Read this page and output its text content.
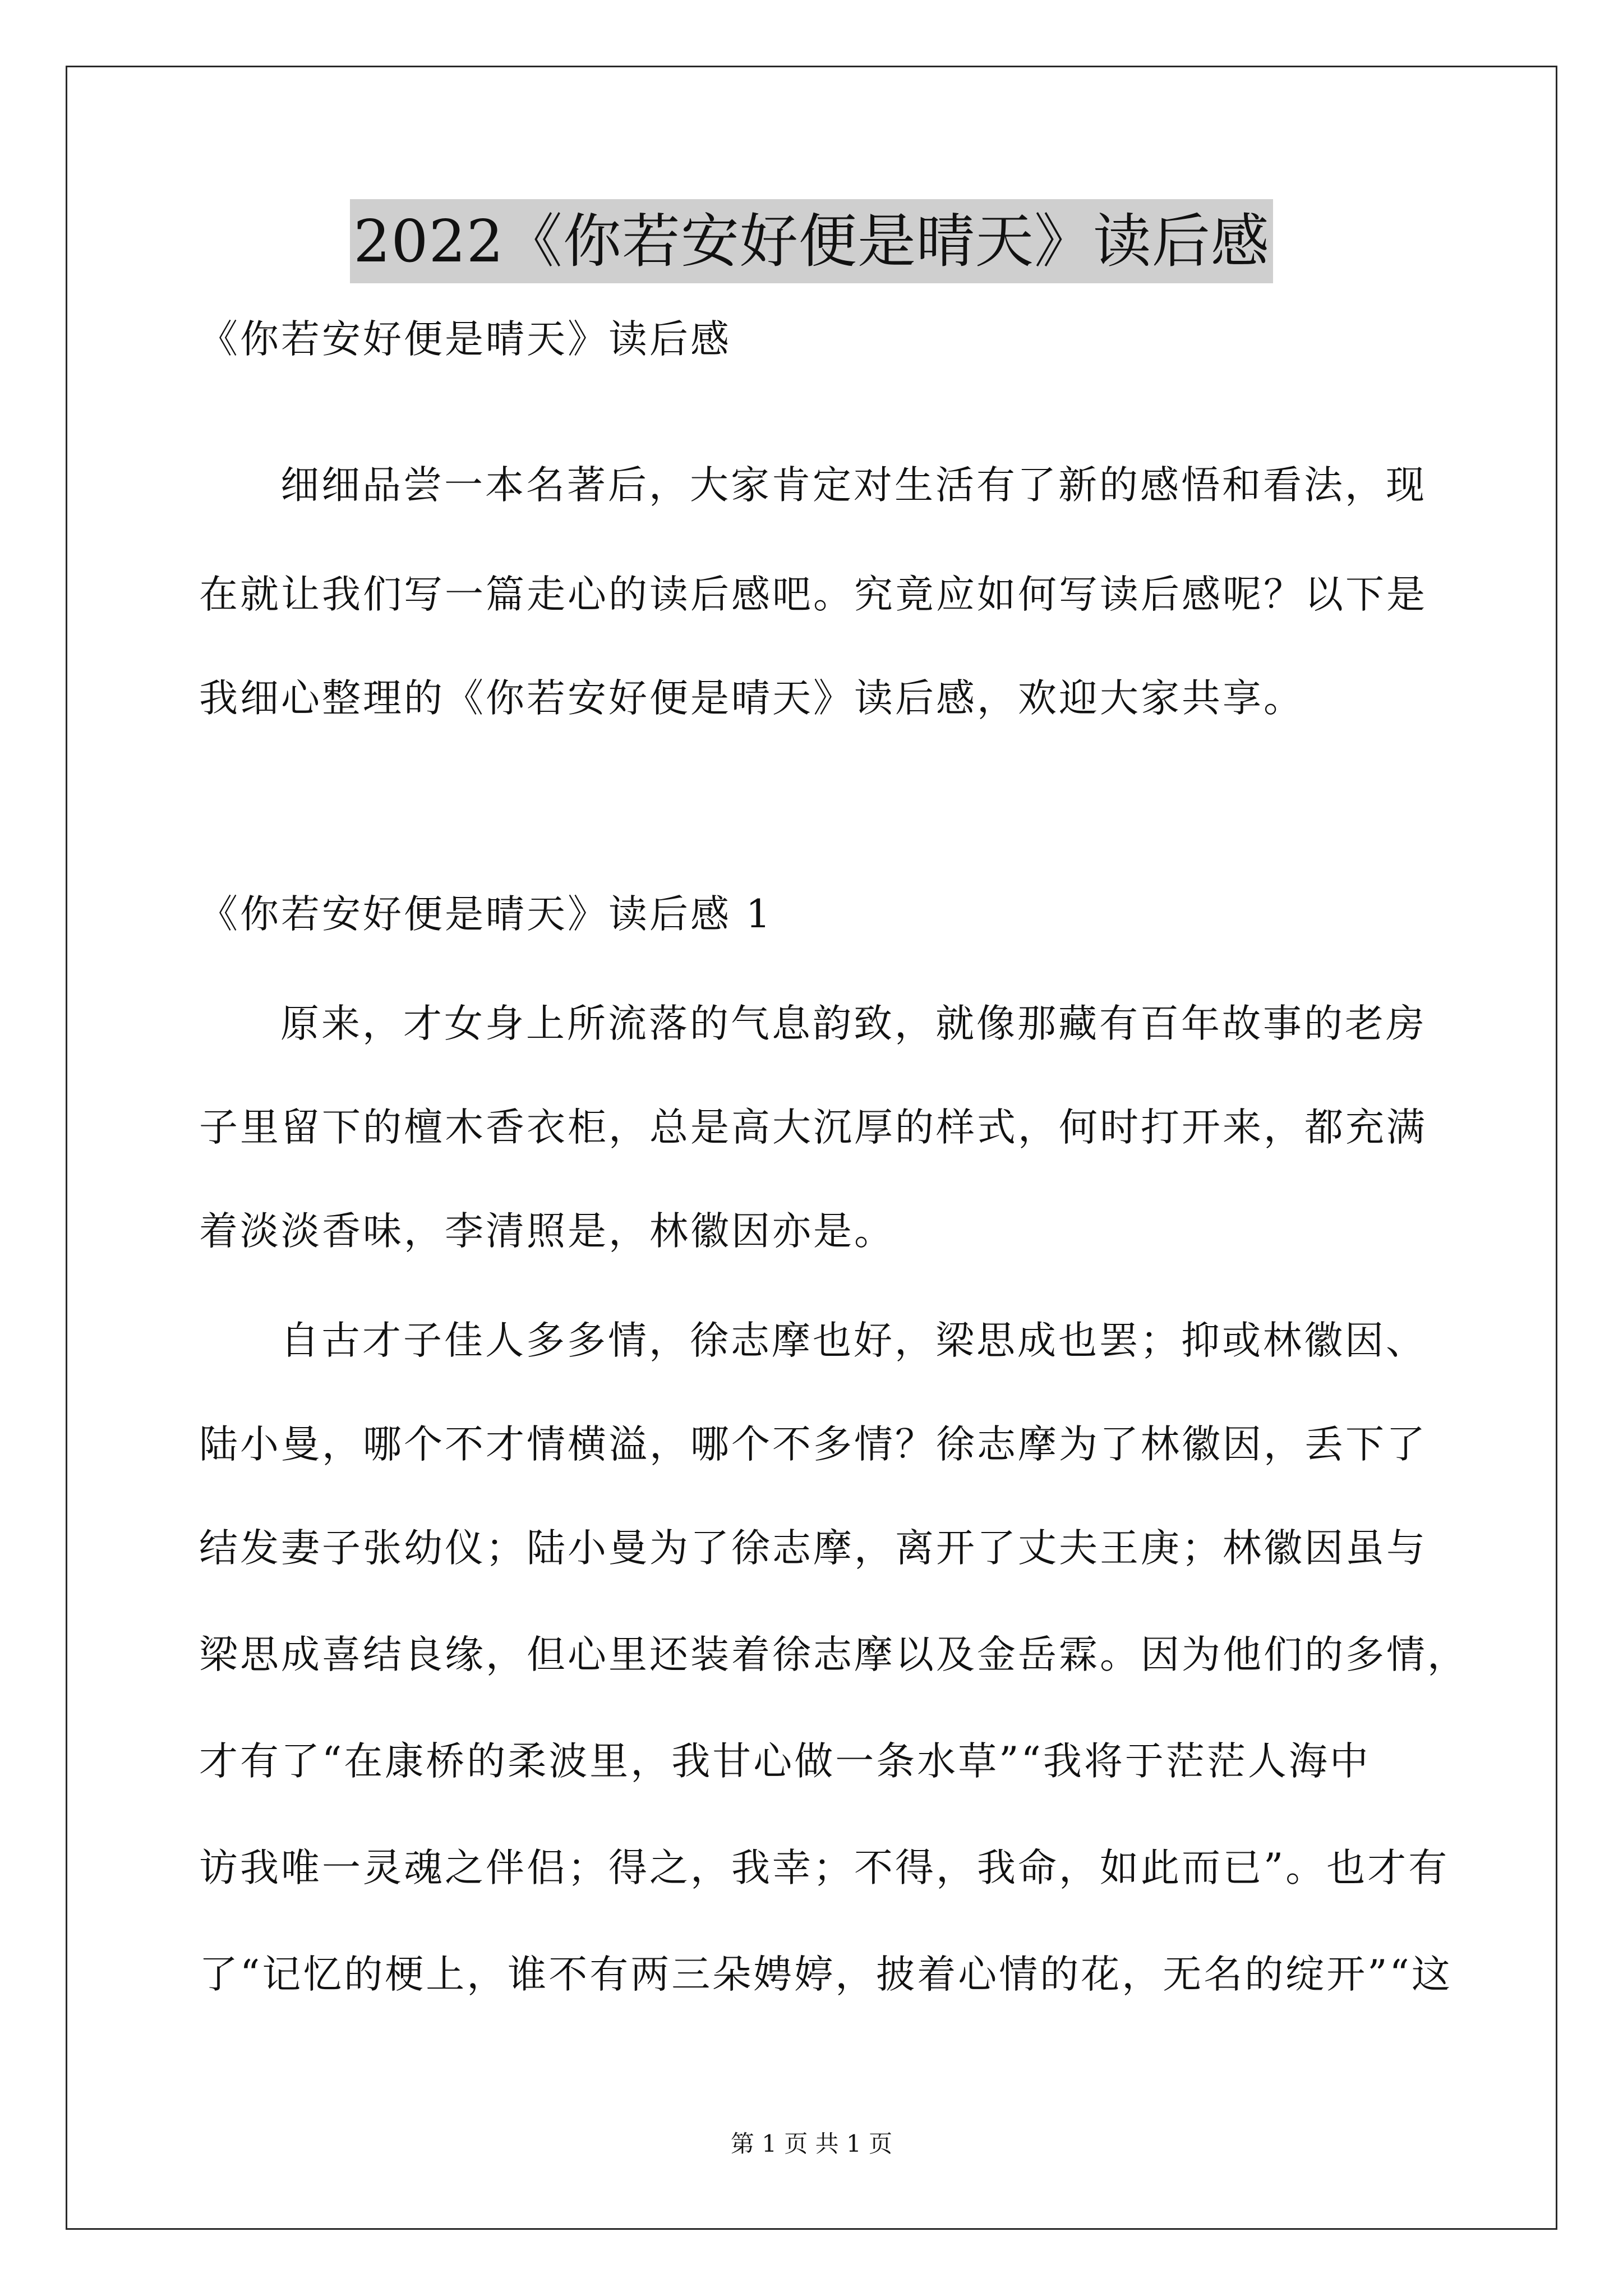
2022《你若安好便是晴天》读后感
《你若安好便是晴天》读后感
细细品尝一本名著后，大家肯定对生活有了新的感悟和看法，现
在就让我们写一篇走心的读后感吧。究竟应如何写读后感呢？以下是
我细心整理的《你若安好便是晴天》读后感，欢迎大家共享。
《你若安好便是晴天》读后感 1
原来，才女身上所流落的气息韵致，就像那藏有百年故事的老房
子里留下的檀木香衣柜，总是高大沉厚的样式，何时打开来，都充满
着淡淡香味，李清照是，林徽因亦是。
自古才子佳人多多情，徐志摩也好，梁思成也罢；抑或林徽因、
陆小曼，哪个不才情横溢，哪个不多情？徐志摩为了林徽因，丢下了
结发妻子张幼仪；陆小曼为了徐志摩，离开了丈夫王庚；林徽因虽与
梁思成喜结良缘，但心里还装着徐志摩以及金岳霖。因为他们的多情，
才有了“在康桥的柔波里，我甘心做一条水草”“我将于茫茫人海中
访我唯一灵魂之伴侣；得之，我幸；不得，我命，如此而已”。也才有
了“记忆的梗上，谁不有两三朵娉婷，披着心情的花，无名的绽开”“这
第 1 页 共 1 页
